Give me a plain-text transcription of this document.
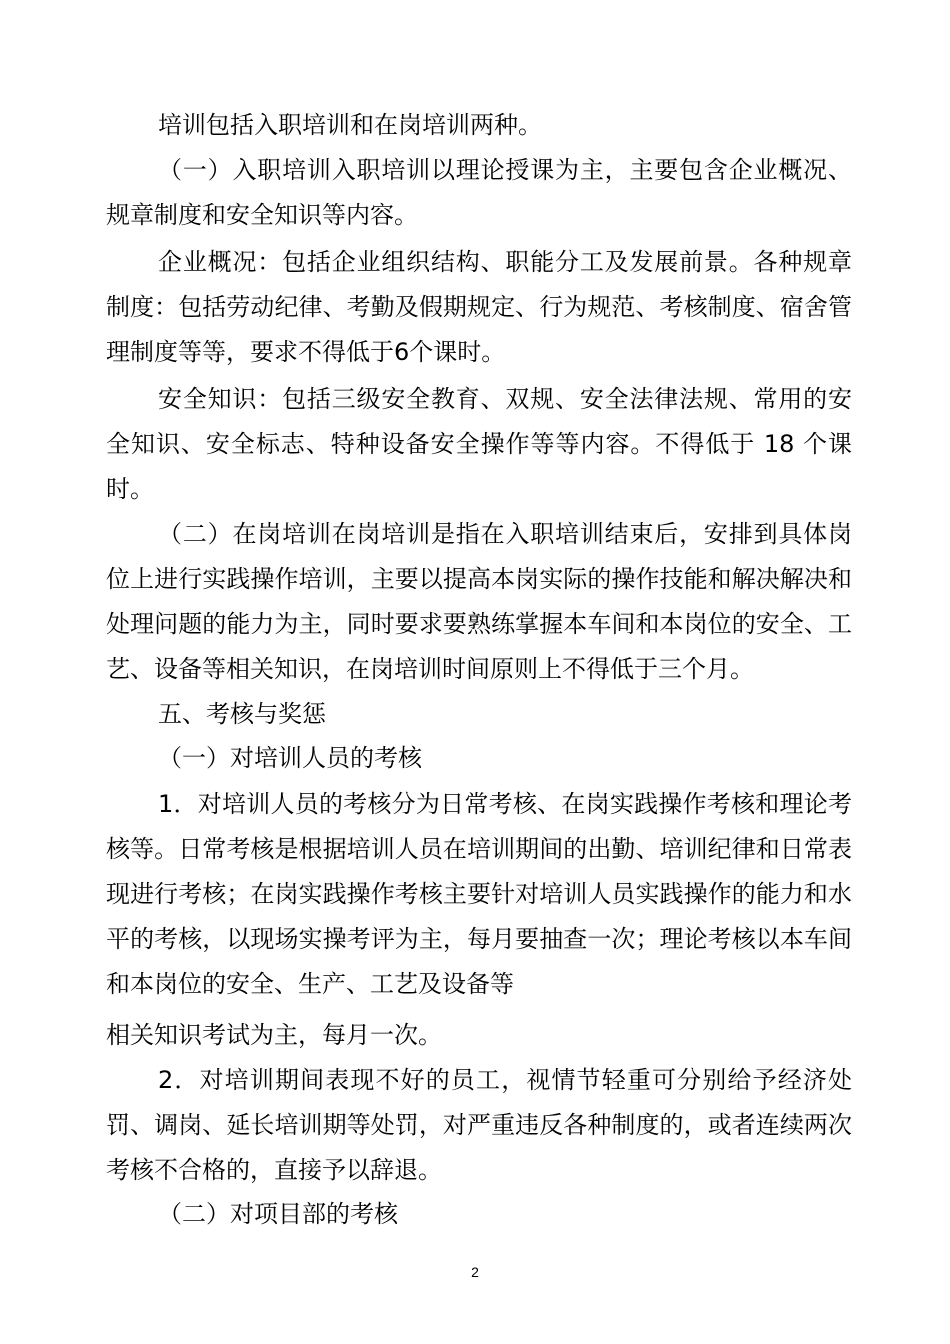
培训包括入职培训和在岗培训两种。

（一）入职培训入职培训以理论授课为主，主要包含企业概况、规章制度和安全知识等内容。

企业概况：包括企业组织结构、职能分工及发展前景。各种规章制度：包括劳动纪律、考勤及假期规定、行为规范、考核制度、宿舍管理制度等等，要求不得低于6个课时。

安全知识：包括三级安全教育、双规、安全法律法规、常用的安全知识、安全标志、特种设备安全操作等等内容。不得低于 18 个课时。

（二）在岗培训在岗培训是指在入职培训结束后，安排到具体岗位上进行实践操作培训，主要以提高本岗实际的操作技能和解决解决和处理问题的能力为主，同时要求要熟练掌握本车间和本岗位的安全、工艺、设备等相关知识，在岗培训时间原则上不得低于三个月。

五、考核与奖惩

（一）对培训人员的考核

1．对培训人员的考核分为日常考核、在岗实践操作考核和理论考核等。日常考核是根据培训人员在培训期间的出勤、培训纪律和日常表现进行考核；在岗实践操作考核主要针对培训人员实践操作的能力和水平的考核，以现场实操考评为主，每月要抽查一次；理论考核以本车间和本岗位的安全、生产、工艺及设备等

相关知识考试为主，每月一次。

2．对培训期间表现不好的员工，视情节轻重可分别给予经济处罚、调岗、延长培训期等处罚，对严重违反各种制度的，或者连续两次考核不合格的，直接予以辞退。

（二）对项目部的考核

2
